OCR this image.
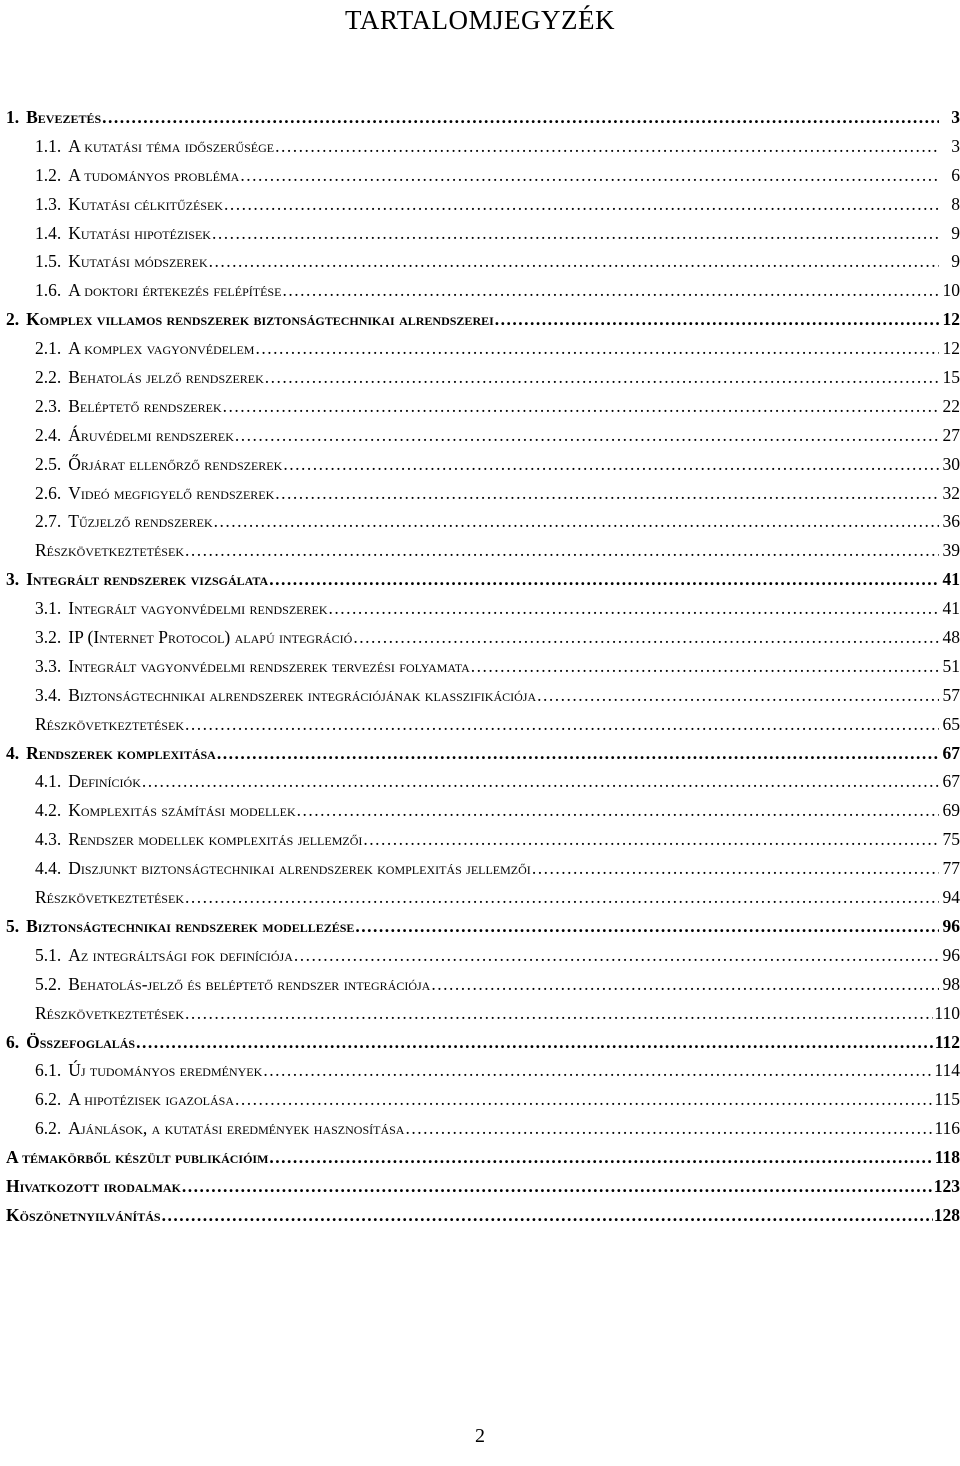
TARTALOMJEGYZÉK
1. Bevezetés .....	3
1.1. A kutatási téma időszerűsége .....	3
1.2. A tudományos probléma .....	6
1.3. Kutatási célkitűzések .....	8
1.4. Kutatási hipotézisek .....	9
1.5. Kutatási módszerek .....	9
1.6. A doktori értekezés felépítése .....	10
2. Komplex villamos rendszerek biztonságtechnikai alrendszerei .....	12
2.1. A komplex vagyonvédelem .....	12
2.2. Behatolás jelző rendszerek .....	15
2.3. Beléptető rendszerek .....	22
2.4. Áruvédelmi rendszerek .....	27
2.5. Őrjárat ellenőrző rendszerek .....	30
2.6. Videó megfigyelő rendszerek .....	32
2.7. Tűzjelző rendszerek .....	36
Részkövetkeztetések .....	39
3. Integrált rendszerek vizsgálata .....	41
3.1. Integrált vagyonvédelmi rendszerek .....	41
3.2. IP (Internet Protocol) alapú integráció .....	48
3.3. Integrált vagyonvédelmi rendszerek tervezési folyamata .....	51
3.4. Biztonságtechnikai alrendszerek integrációjának klasszifikációja .....	57
Részkövetkeztetések .....	65
4. Rendszerek komplexitása .....	67
4.1. Definíciók .....	67
4.2. Komplexitás számítási modellek .....	69
4.3. Rendszer modellek komplexitás jellemzői .....	75
4.4. Diszjunkt biztonságtechnikai alrendszerek komplexitás jellemzői .....	77
Részkövetkeztetések .....	94
5. Biztonságtechnikai rendszerek modellezése .....	96
5.1. Az integráltsági fok definíciója .....	96
5.2. Behatolás-jelző és beléptető rendszer integrációja .....	98
Részkövetkeztetések .....	110
6. Összefoglalás .....	112
6.1. Új tudományos eredmények .....	114
6.2. A hipotézisek igazolása .....	115
6.2. Ajánlások, a kutatási eredmények hasznosítása .....	116
A témakörből készült publikációim .....	118
Hivatkozott irodalmak .....	123
Köszönetnyilvánítás .....	128
2
